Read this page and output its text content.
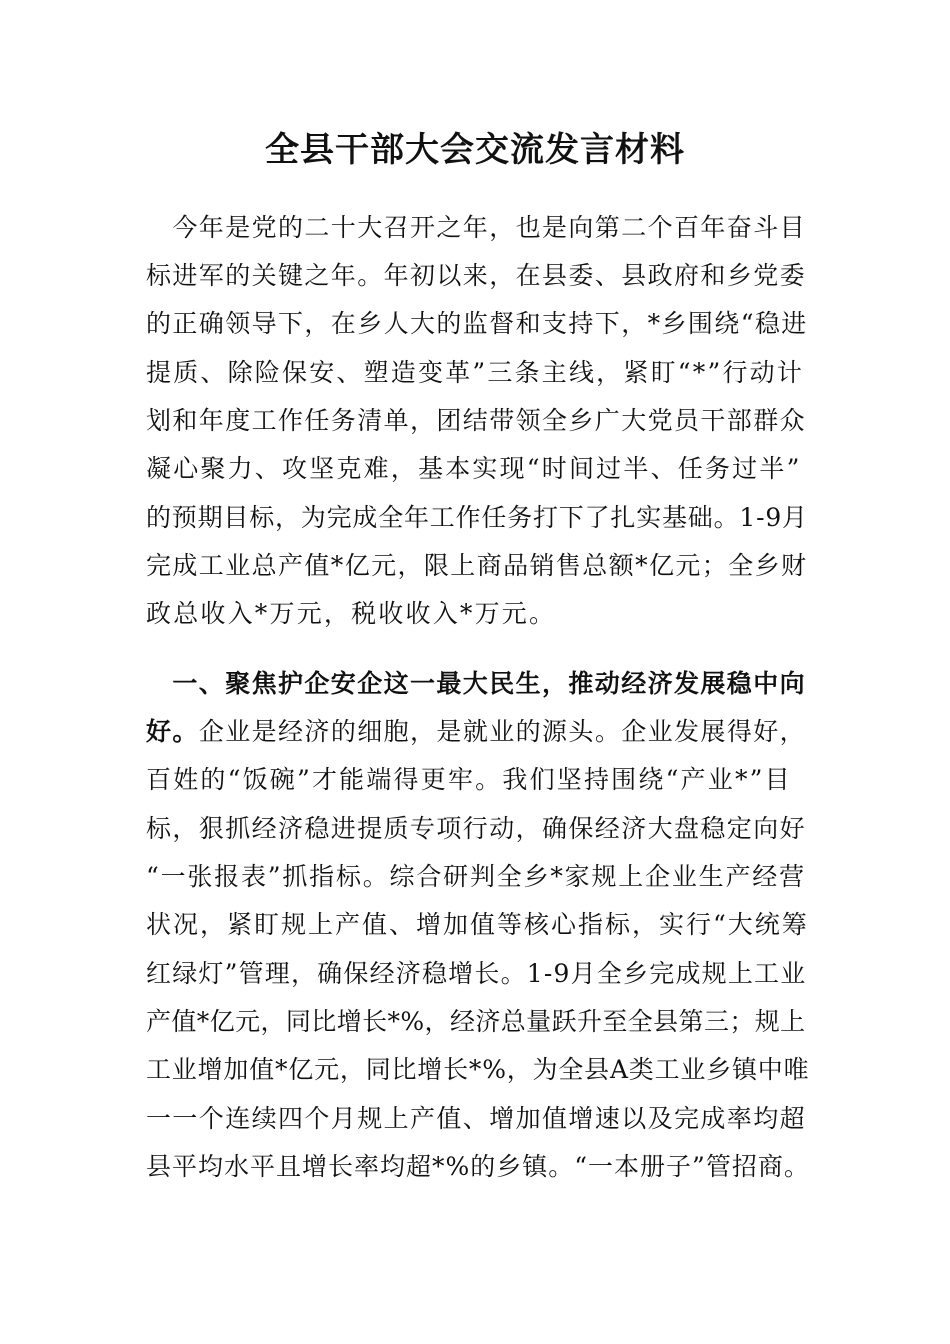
全县干部大会交流发言材料
　今年是党的二十大召开之年，也是向第二个百年奋斗目
标进军的关键之年。年初以来，在县委、县政府和乡党委
的正确领导下，在乡人大的监督和支持下，*乡围绕“稳进
提质、除险保安、塑造变革”三条主线，紧盯“*”行动计
划和年度工作任务清单，团结带领全乡广大党员干部群众
凝心聚力、攻坚克难，基本实现“时间过半、任务过半”
的预期目标，为完成全年工作任务打下了扎实基础。1-9月
完成工业总产值*亿元，限上商品销售总额*亿元；全乡财
政总收入*万元，税收收入*万元。
　一、聚焦护企安企这一最大民生，推动经济发展稳中向
好。企业是经济的细胞，是就业的源头。企业发展得好，
百姓的“饭碗”才能端得更牢。我们坚持围绕“产业*”目
标，狠抓经济稳进提质专项行动，确保经济大盘稳定向好
“一张报表”抓指标。综合研判全乡*家规上企业生产经营
状况，紧盯规上产值、增加值等核心指标，实行“大统筹
红绿灯”管理，确保经济稳增长。1-9月全乡完成规上工业
产值*亿元，同比增长*%，经济总量跃升至全县第三；规上
工业增加值*亿元，同比增长*%，为全县A类工业乡镇中唯
一一个连续四个月规上产值、增加值增速以及完成率均超
县平均水平且增长率均超*%的乡镇。“一本册子”管招商。
